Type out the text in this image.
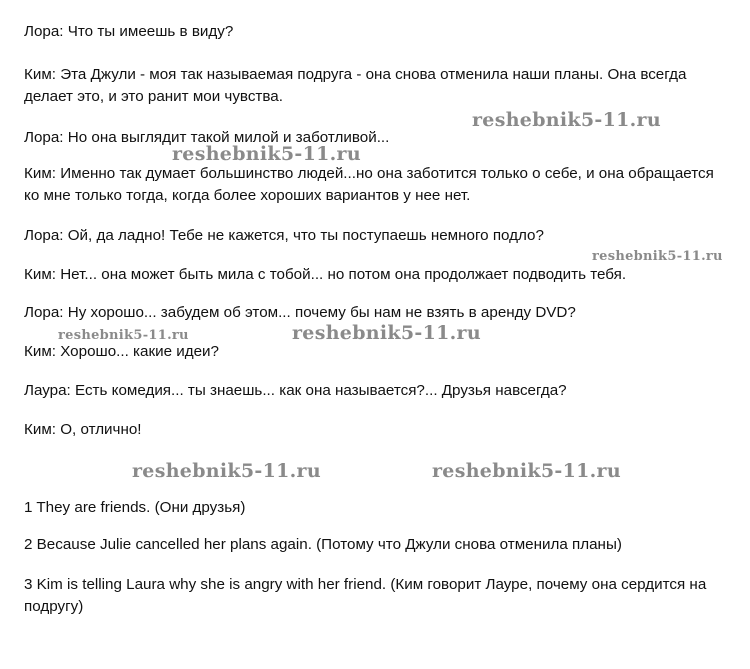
Лора: Что ты имеешь в виду?
Ким: Эта Джули - моя так называемая подруга - она снова отменила наши планы. Она всегда делает это, и это ранит мои чувства.
Лора: Но она выглядит такой милой и заботливой...
Ким: Именно так думает большинство людей...но она заботится только о себе, и она обращается ко мне только тогда, когда более хороших вариантов у нее нет.
Лора: Ой, да ладно! Тебе не кажется, что ты поступаешь немного подло?
Ким: Нет... она может быть мила с тобой... но потом она продолжает подводить тебя.
Лора: Ну хорошо... забудем об этом... почему бы нам не взять в аренду DVD?
Ким: Хорошо... какие идеи?
Лаура: Есть комедия... ты знаешь... как она называется?... Друзья навсегда?
Ким: О, отлично!
1 They are friends. (Они друзья)
2 Because Julie cancelled her plans again. (Потому что Джули снова отменила планы)
3 Kim is telling Laura why she is angry with her friend. (Ким говорит Лауре, почему она сердится на подругу)
reshebnik5-11.ru
reshebnik5-11.ru
reshebnik5-11.ru
reshebnik5-11.ru
reshebnik5-11.ru
reshebnik5-11.ru	reshebnik5-11.ru
